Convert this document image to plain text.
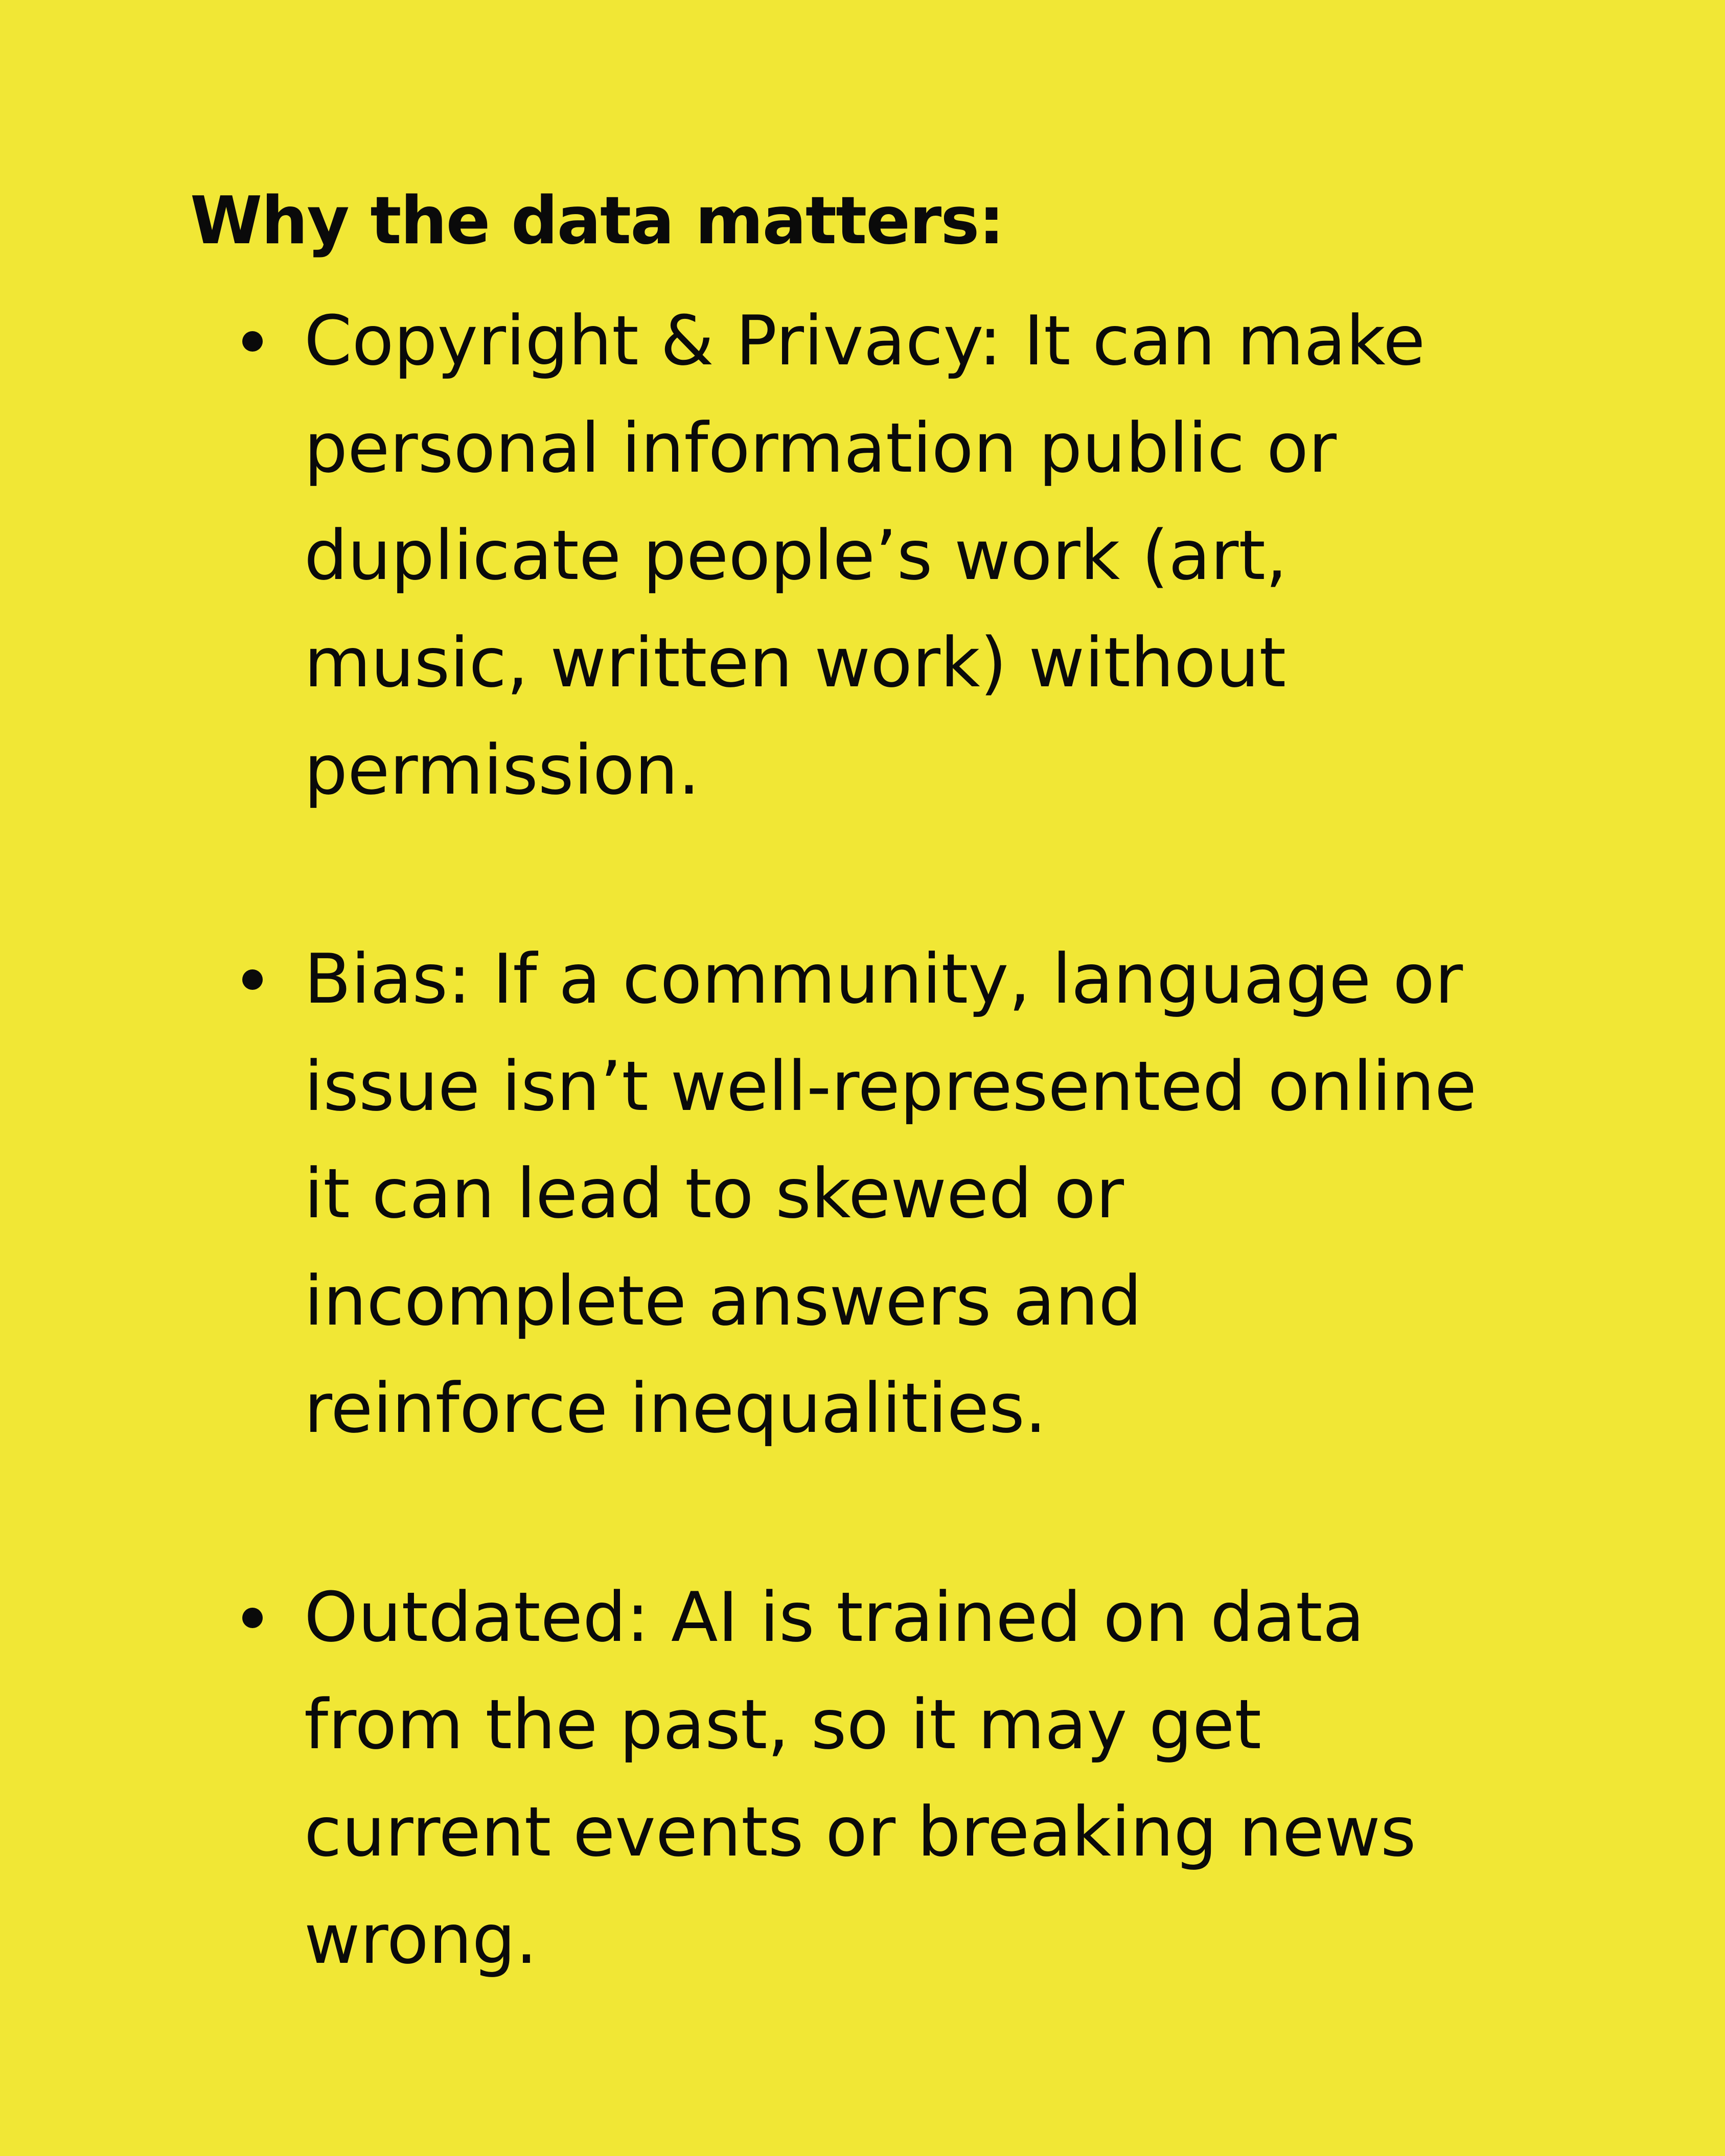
Why the data matters:
Copyright & Privacy: It can make
personal information public or
duplicate people’s work (art,
music, written work) without
permission.
Bias: If a community, language or
issue isn’t well-represented online
it can lead to skewed or
incomplete answers and
reinforce inequalities.
Outdated: AI is trained on data
from the past, so it may get
current events or breaking news
wrong.
